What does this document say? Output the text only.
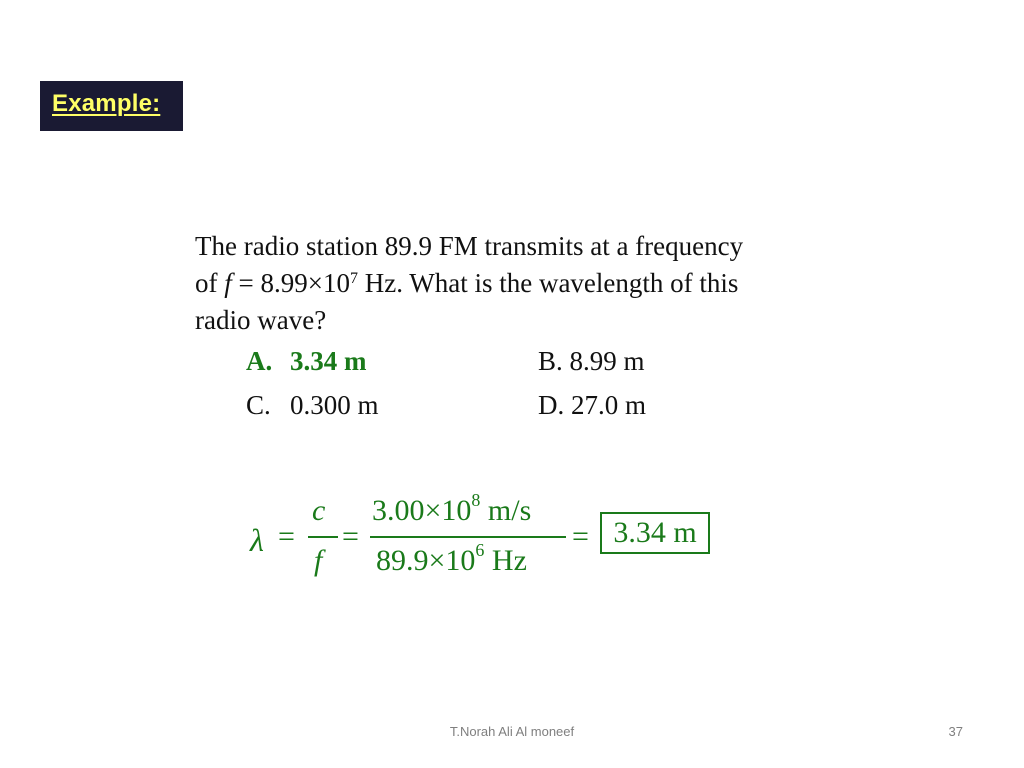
Example:
The radio station 89.9 FM transmits at a frequency
of $f = 8.99\times 10^7$ Hz. What is the wavelength of this
radio wave?
A. 3.34 m	B. 8.99 m
C. 0.300 m	D. 27.0 m
λ =
c
f
=
$3.00\times 10^8$ m/s
$89.9\times 10^6$ Hz
= 3.34 m
T.Norah Ali Al moneef	37
